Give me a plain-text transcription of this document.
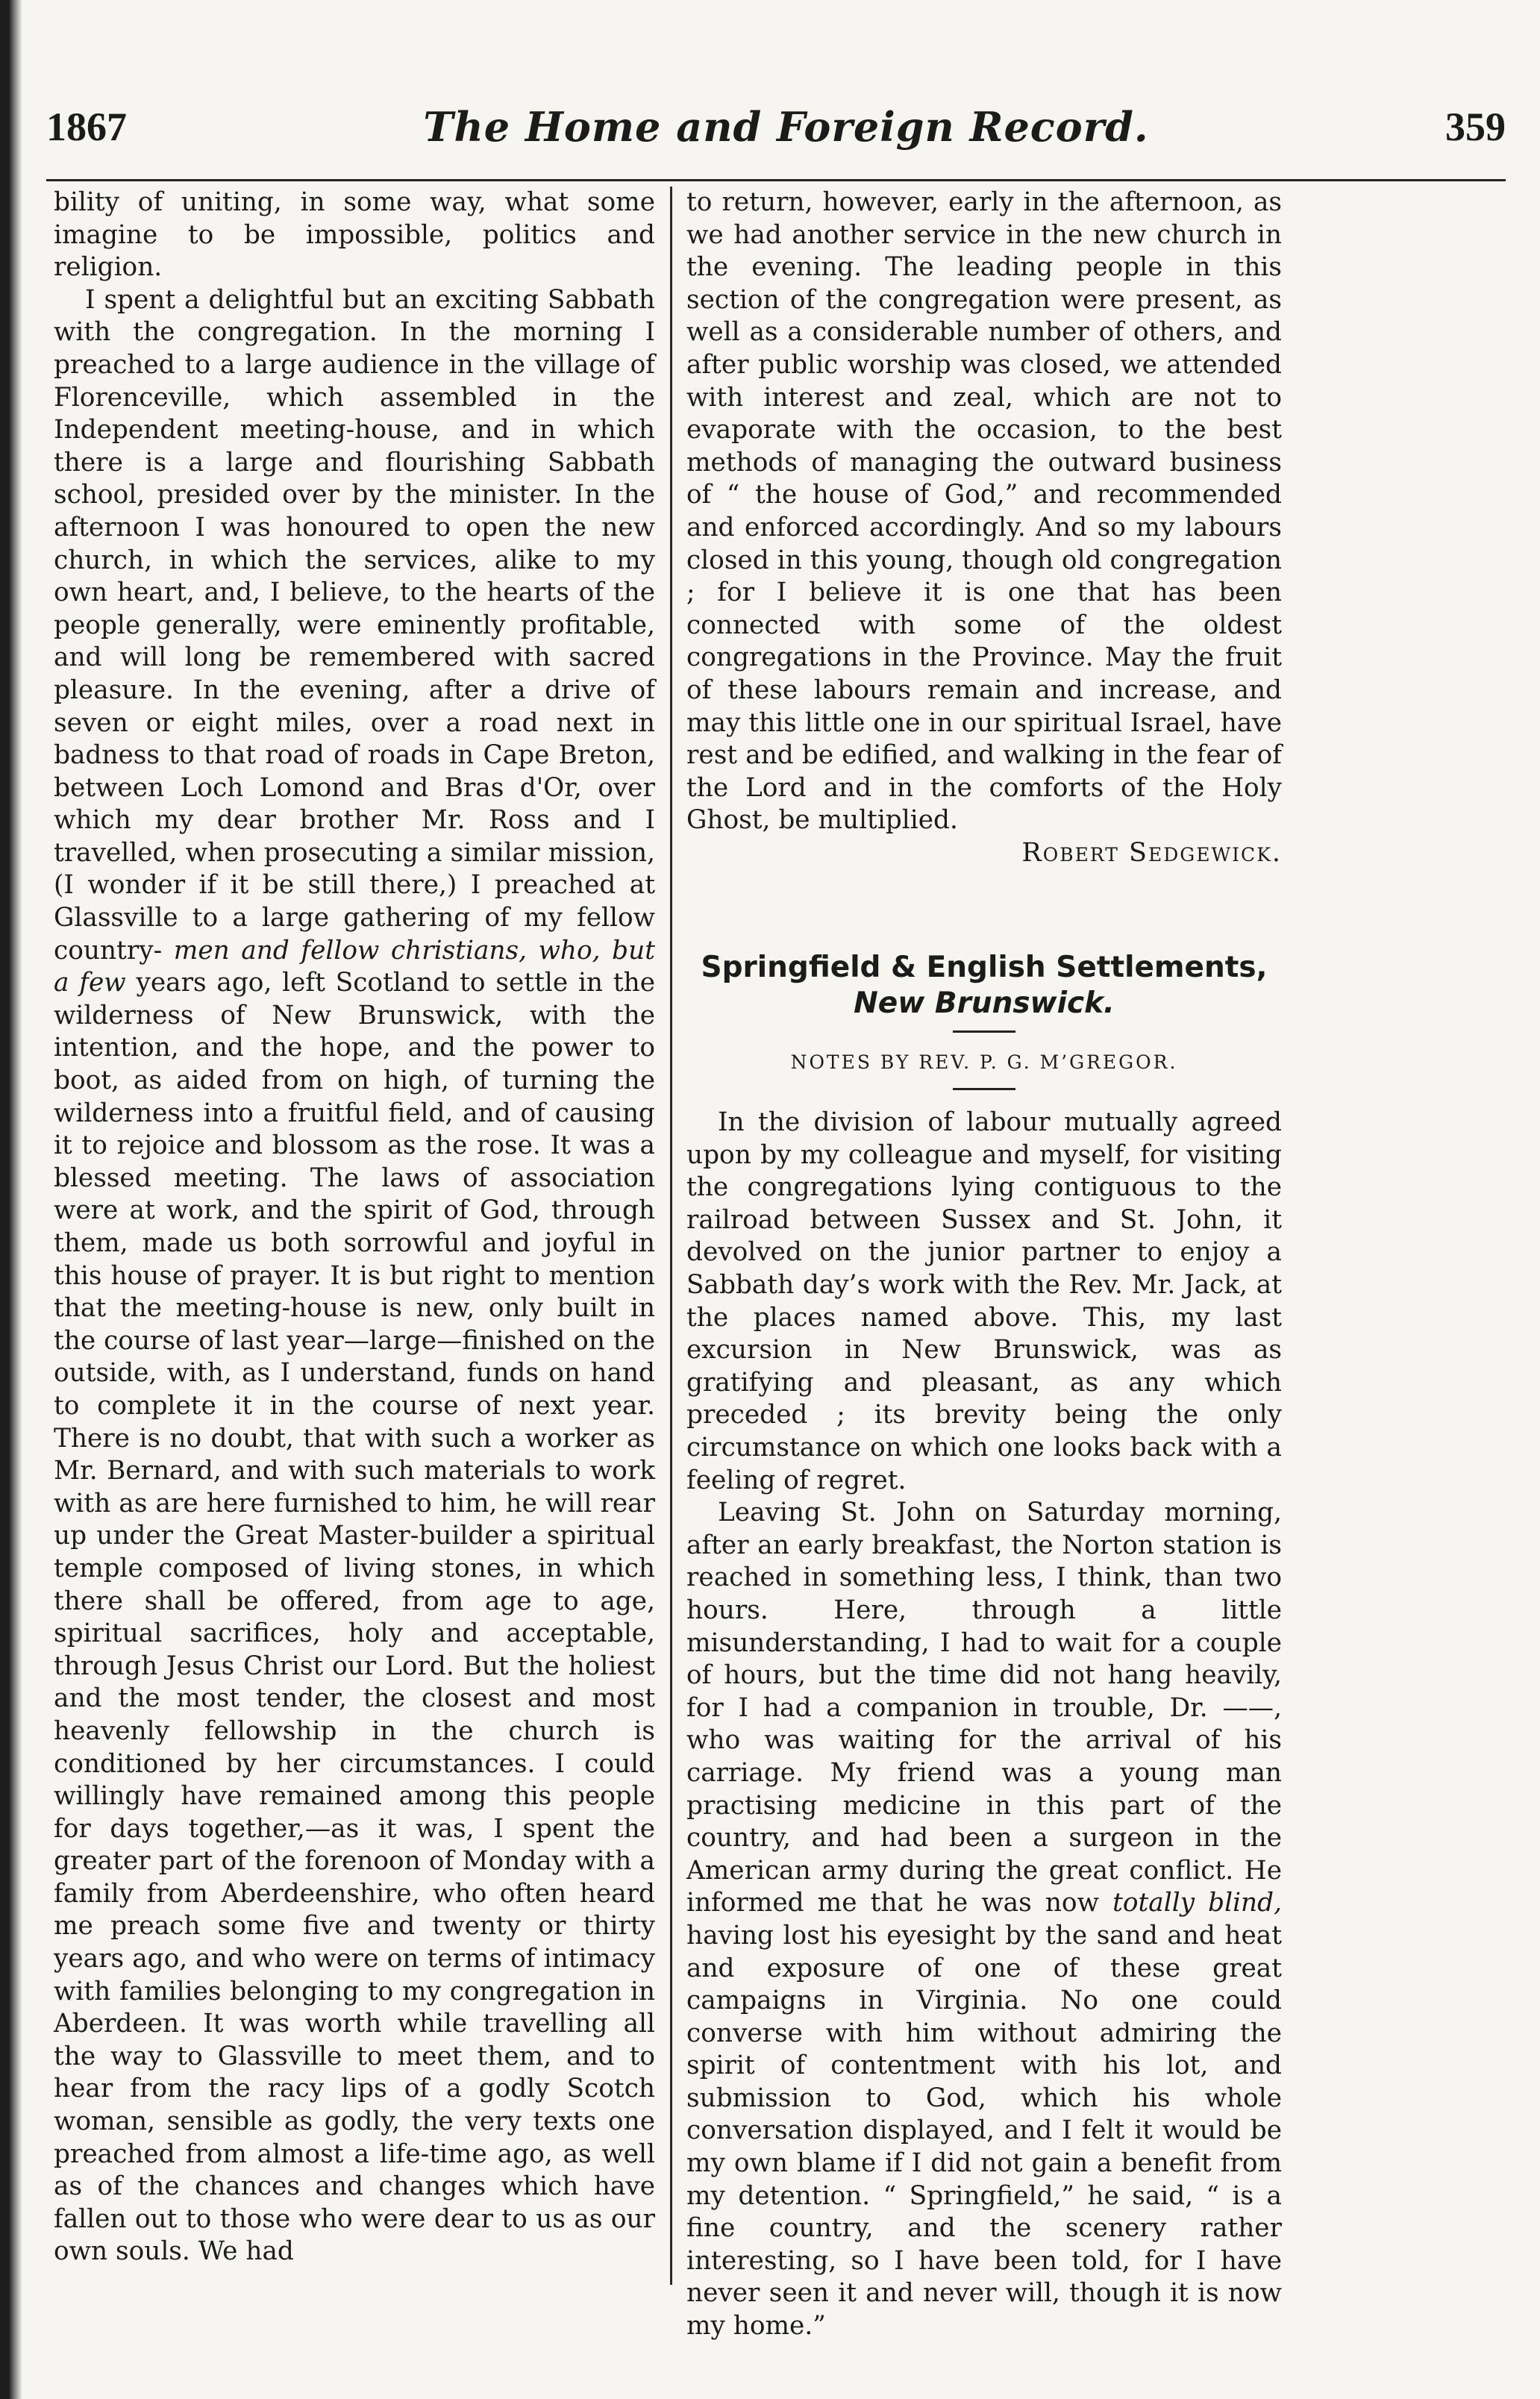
1867	The Home and Foreign Record.	359

bility of uniting, in some way, what some imagine to be impossible, politics and religion.

I spent a delightful but an exciting Sabbath with the congregation. In the morning I preached to a large audience in the village of Florenceville, which assembled in the Independent meeting-house, and in which there is a large and flourishing Sabbath school, presided over by the minister. In the afternoon I was honoured to open the new church, in which the services, alike to my own heart, and, I believe, to the hearts of the people generally, were eminently profitable, and will long be remembered with sacred pleasure. In the evening, after a drive of seven or eight miles, over a road next in badness to that road of roads in Cape Breton, between Loch Lomond and Bras d'Or, over which my dear brother Mr. Ross and I travelled, when prosecuting a similar mission, (I wonder if it be still there,) I preached at Glassville to a large gathering of my fellow country- men and fellow christians, who, but a few years ago, left Scotland to settle in the wilderness of New Brunswick, with the intention, and the hope, and the power to boot, as aided from on high, of turning the wilderness into a fruitful field, and of causing it to rejoice and blossom as the rose. It was a blessed meeting. The laws of association were at work, and the spirit of God, through them, made us both sorrowful and joyful in this house of prayer. It is but right to mention that the meeting-house is new, only built in the course of last year—large—finished on the outside, with, as I understand, funds on hand to complete it in the course of next year. There is no doubt, that with such a worker as Mr. Bernard, and with such materials to work with as are here furnished to him, he will rear up under the Great Master-builder a spiritual temple composed of living stones, in which there shall be offered, from age to age, spiritual sacrifices, holy and acceptable, through Jesus Christ our Lord. But the holiest and the most tender, the closest and most heavenly fellowship in the church is conditioned by her circumstances. I could willingly have remained among this people for days together,—as it was, I spent the greater part of the forenoon of Monday with a family from Aberdeenshire, who often heard me preach some five and twenty or thirty years ago, and who were on terms of intimacy with families belonging to my congregation in Aberdeen. It was worth while travelling all the way to Glassville to meet them, and to hear from the racy lips of a godly Scotch woman, sensible as godly, the very texts one preached from almost a life-time ago, as well as of the chances and changes which have fallen out to those who were dear to us as our own souls. We had

to return, however, early in the afternoon, as we had another service in the new church in the evening. The leading people in this section of the congregation were present, as well as a considerable number of others, and after public worship was closed, we attended with interest and zeal, which are not to evaporate with the occasion, to the best methods of managing the outward business of “ the house of God,” and recommended and enforced accordingly. And so my labours closed in this young, though old congregation ; for I believe it is one that has been connected with some of the oldest congregations in the Province. May the fruit of these labours remain and increase, and may this little one in our spiritual Israel, have rest and be edified, and walking in the fear of the Lord and in the comforts of the Holy Ghost, be multiplied.

Robert Sedgewick.

Springfield & English Settlements,
New Brunswick.
NOTES BY REV. P. G. M’GREGOR.

In the division of labour mutually agreed upon by my colleague and myself, for visiting the congregations lying contiguous to the railroad between Sussex and St. John, it devolved on the junior partner to enjoy a Sabbath day’s work with the Rev. Mr. Jack, at the places named above. This, my last excursion in New Brunswick, was as gratifying and pleasant, as any which preceded ; its brevity being the only circumstance on which one looks back with a feeling of regret.

Leaving St. John on Saturday morning, after an early breakfast, the Norton station is reached in something less, I think, than two hours. Here, through a little misunderstanding, I had to wait for a couple of hours, but the time did not hang heavily, for I had a companion in trouble, Dr. ——, who was waiting for the arrival of his carriage. My friend was a young man practising medicine in this part of the country, and had been a surgeon in the American army during the great conflict. He informed me that he was now totally blind, having lost his eyesight by the sand and heat and exposure of one of these great campaigns in Virginia. No one could converse with him without admiring the spirit of contentment with his lot, and submission to God, which his whole conversation displayed, and I felt it would be my own blame if I did not gain a benefit from my detention. “ Springfield,” he said, “ is a fine country, and the scenery rather interesting, so I have been told, for I have never seen it and never will, though it is now my home.”
